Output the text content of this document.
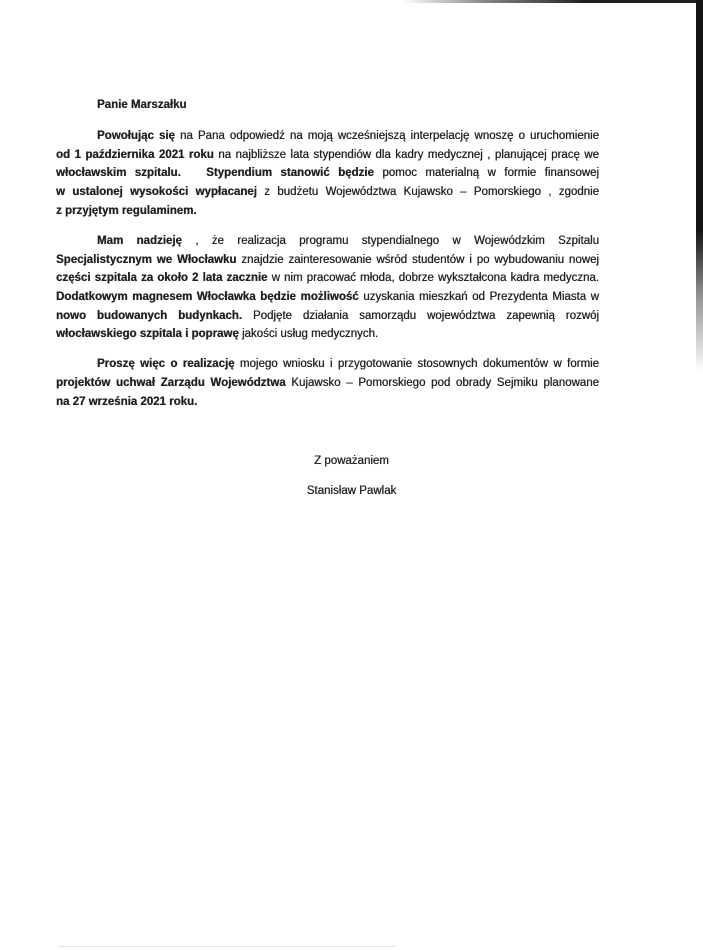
Panie Marszałku
Powołując się na Pana odpowiedź na moją wcześniejszą interpelację wnoszę o uruchomienie
od 1 października 2021 roku na najbliższe lata stypendiów dla kadry medycznej , planującej pracę we
włocławskim szpitalu.   Stypendium stanowić będzie pomoc materialną w formie finansowej
w ustalonej wysokości wypłacanej z budżetu Województwa Kujawsko – Pomorskiego , zgodnie
z przyjętym regulaminem.
Mam nadzieję , że realizacja programu stypendialnego w Wojewódzkim Szpitalu
Specjalistycznym we Włocławku znajdzie zainteresowanie wśród studentów i po wybudowaniu nowej
części szpitala za około 2 lata zacznie w nim pracować młoda, dobrze wykształcona kadra medyczna.
Dodatkowym magnesem Włocławka będzie możliwość uzyskania mieszkań od Prezydenta Miasta w
nowo budowanych budynkach. Podjęte działania samorządu województwa zapewnią rozwój
włocławskiego szpitala i poprawę jakości usług medycznych.
Proszę więc o realizację mojego wniosku i przygotowanie stosownych dokumentów w formie
projektów uchwał Zarządu Województwa Kujawsko – Pomorskiego pod obrady Sejmiku planowane
na 27 września 2021 roku.
Z poważaniem
Stanisław Pawlak
